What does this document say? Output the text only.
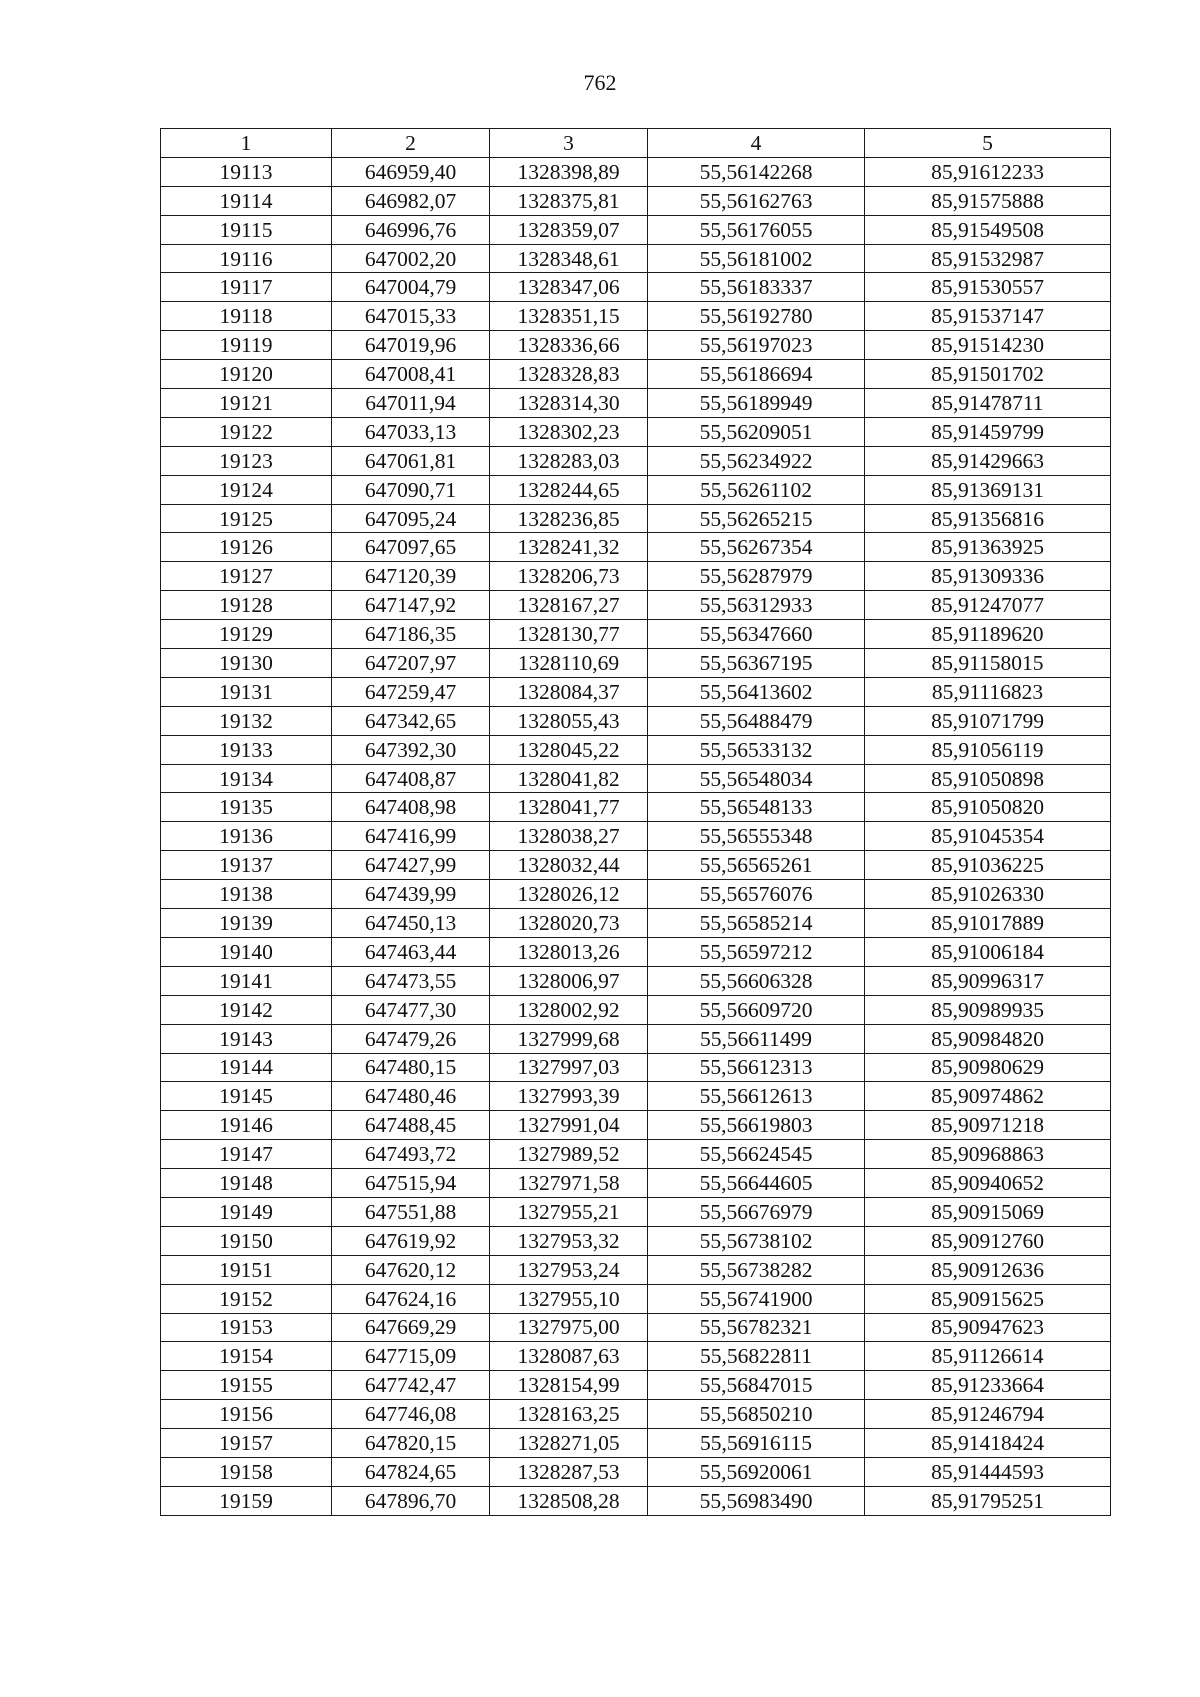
762
1	2	3	4	5
19113	646959,40	1328398,89	55,56142268	85,91612233
19114	646982,07	1328375,81	55,56162763	85,91575888
19115	646996,76	1328359,07	55,56176055	85,91549508
19116	647002,20	1328348,61	55,56181002	85,91532987
19117	647004,79	1328347,06	55,56183337	85,91530557
19118	647015,33	1328351,15	55,56192780	85,91537147
19119	647019,96	1328336,66	55,56197023	85,91514230
19120	647008,41	1328328,83	55,56186694	85,91501702
19121	647011,94	1328314,30	55,56189949	85,91478711
19122	647033,13	1328302,23	55,56209051	85,91459799
19123	647061,81	1328283,03	55,56234922	85,91429663
19124	647090,71	1328244,65	55,56261102	85,91369131
19125	647095,24	1328236,85	55,56265215	85,91356816
19126	647097,65	1328241,32	55,56267354	85,91363925
19127	647120,39	1328206,73	55,56287979	85,91309336
19128	647147,92	1328167,27	55,56312933	85,91247077
19129	647186,35	1328130,77	55,56347660	85,91189620
19130	647207,97	1328110,69	55,56367195	85,91158015
19131	647259,47	1328084,37	55,56413602	85,91116823
19132	647342,65	1328055,43	55,56488479	85,91071799
19133	647392,30	1328045,22	55,56533132	85,91056119
19134	647408,87	1328041,82	55,56548034	85,91050898
19135	647408,98	1328041,77	55,56548133	85,91050820
19136	647416,99	1328038,27	55,56555348	85,91045354
19137	647427,99	1328032,44	55,56565261	85,91036225
19138	647439,99	1328026,12	55,56576076	85,91026330
19139	647450,13	1328020,73	55,56585214	85,91017889
19140	647463,44	1328013,26	55,56597212	85,91006184
19141	647473,55	1328006,97	55,56606328	85,90996317
19142	647477,30	1328002,92	55,56609720	85,90989935
19143	647479,26	1327999,68	55,56611499	85,90984820
19144	647480,15	1327997,03	55,56612313	85,90980629
19145	647480,46	1327993,39	55,56612613	85,90974862
19146	647488,45	1327991,04	55,56619803	85,90971218
19147	647493,72	1327989,52	55,56624545	85,90968863
19148	647515,94	1327971,58	55,56644605	85,90940652
19149	647551,88	1327955,21	55,56676979	85,90915069
19150	647619,92	1327953,32	55,56738102	85,90912760
19151	647620,12	1327953,24	55,56738282	85,90912636
19152	647624,16	1327955,10	55,56741900	85,90915625
19153	647669,29	1327975,00	55,56782321	85,90947623
19154	647715,09	1328087,63	55,56822811	85,91126614
19155	647742,47	1328154,99	55,56847015	85,91233664
19156	647746,08	1328163,25	55,56850210	85,91246794
19157	647820,15	1328271,05	55,56916115	85,91418424
19158	647824,65	1328287,53	55,56920061	85,91444593
19159	647896,70	1328508,28	55,56983490	85,91795251
